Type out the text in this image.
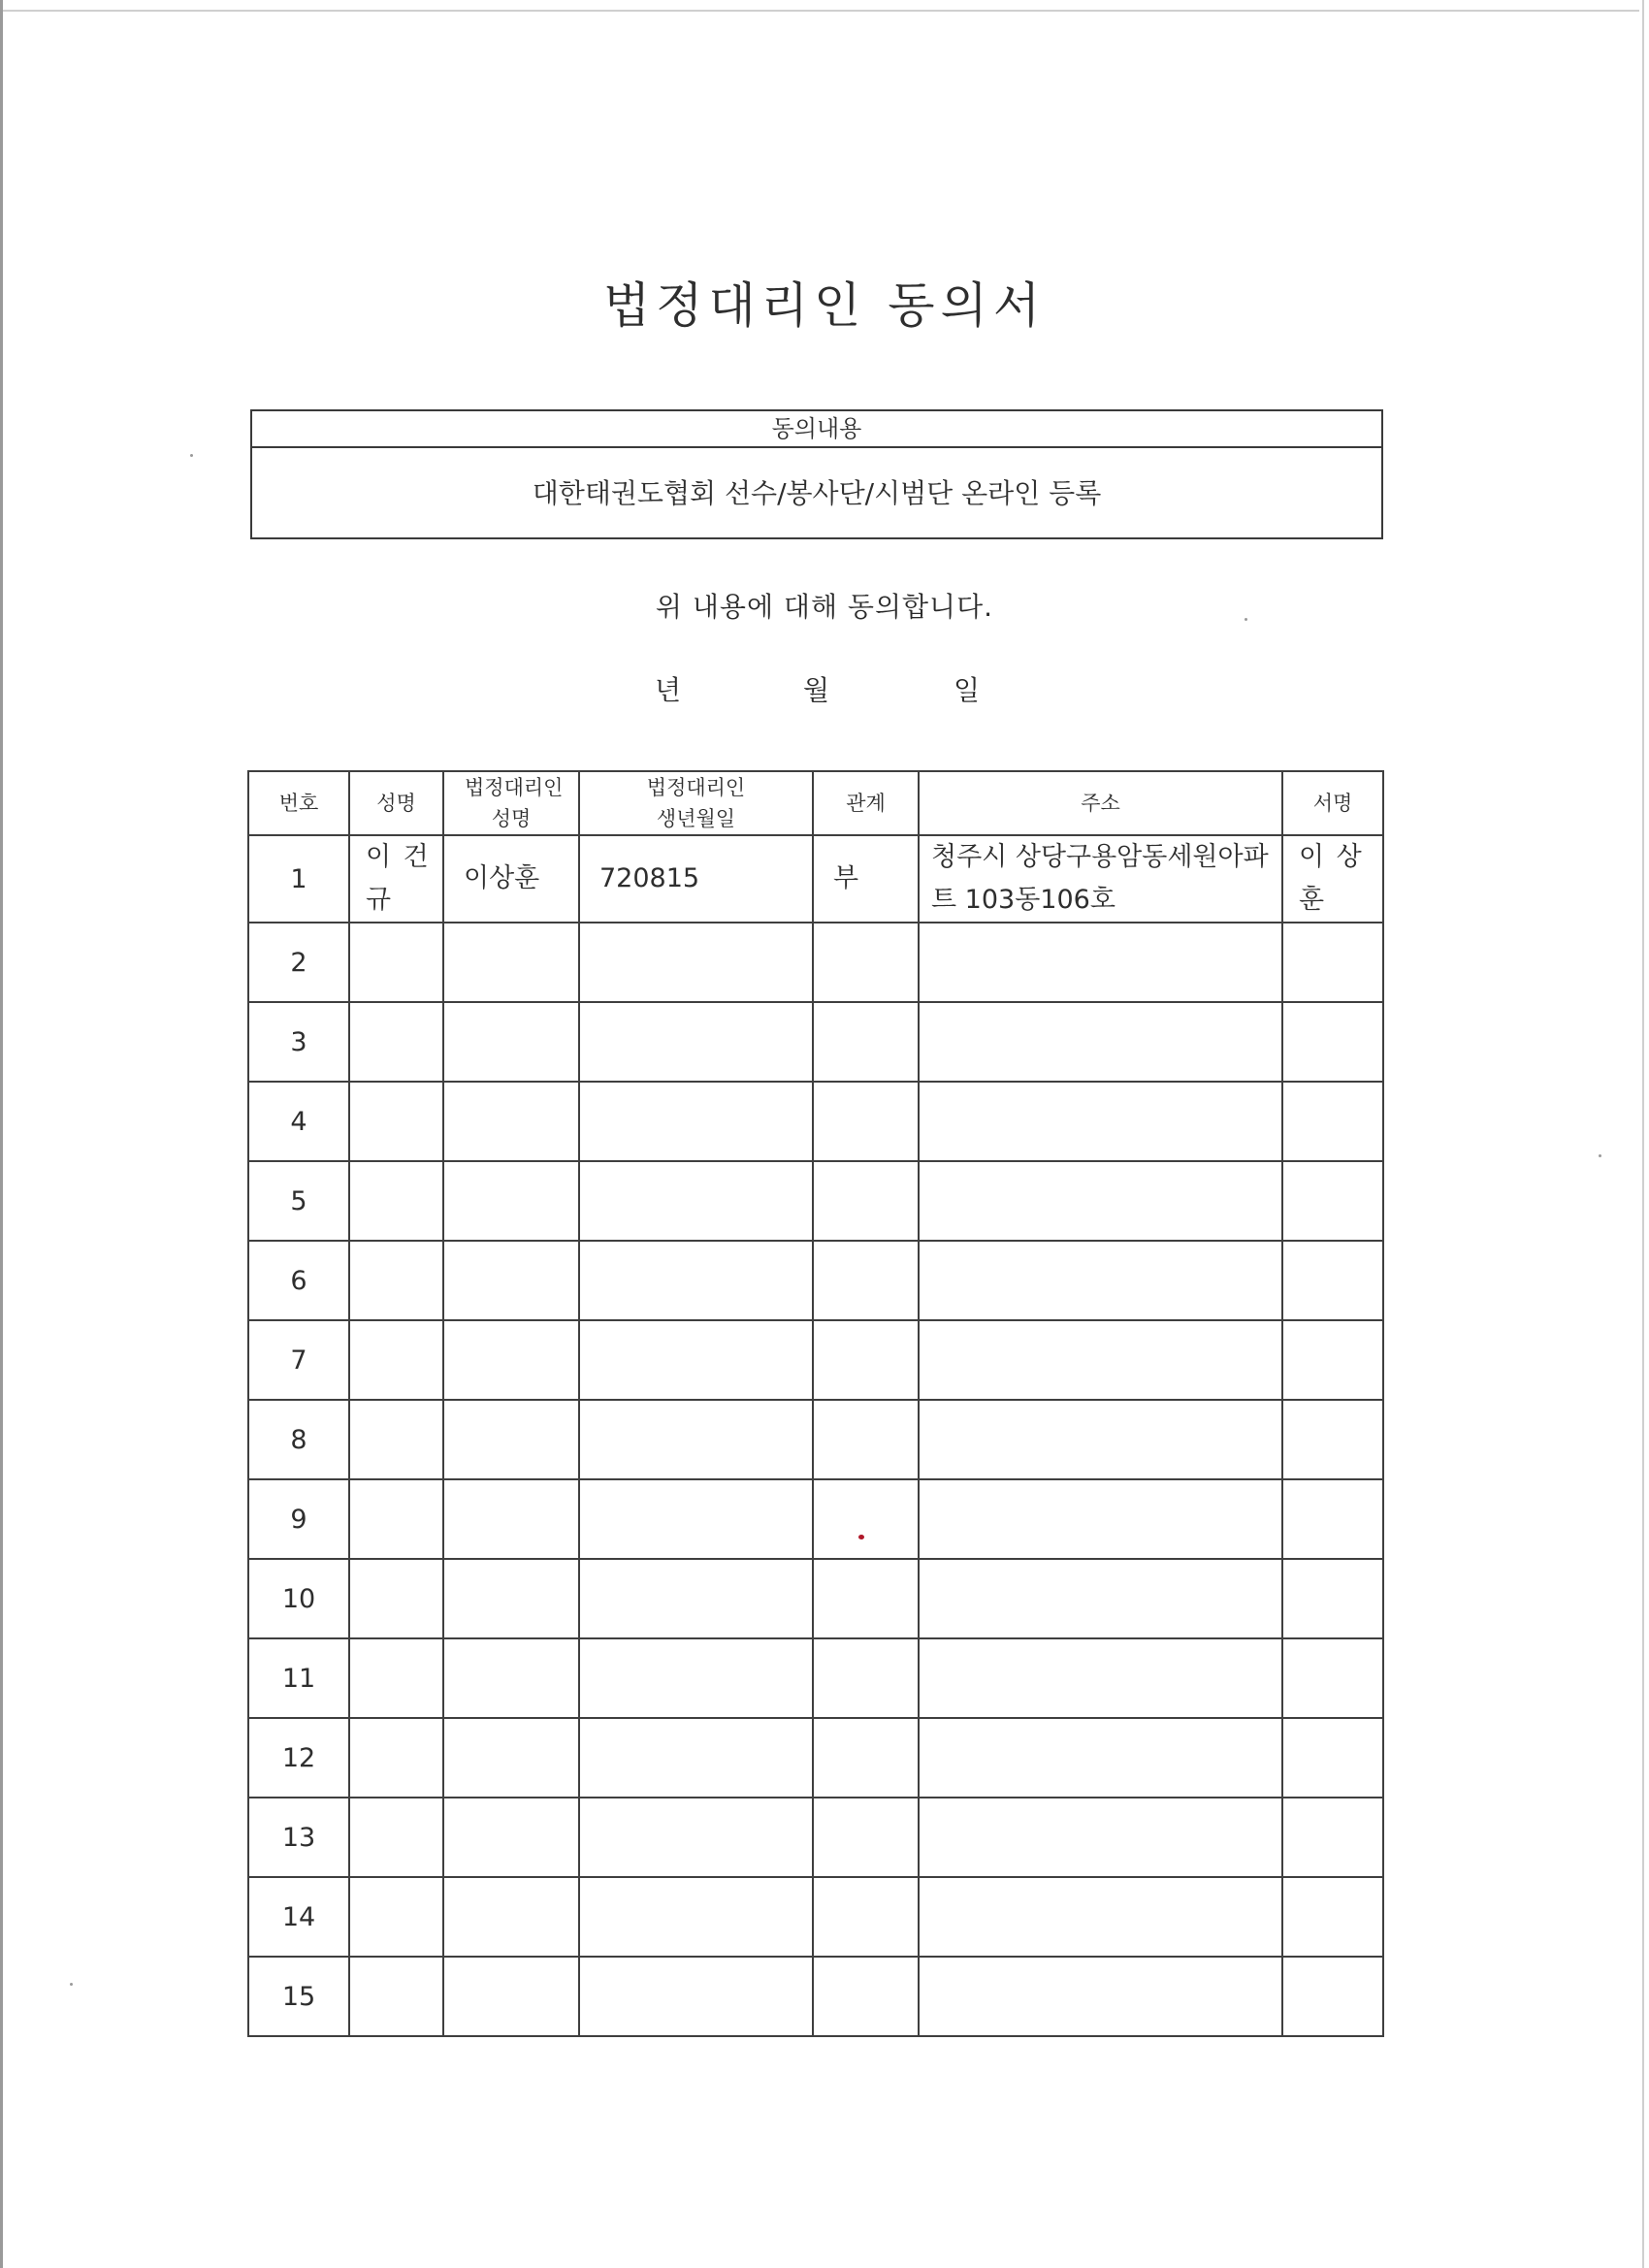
법정대리인 동의서
동의내용
대한태권도협회 선수/봉사단/시범단 온라인 등록
위 내용에 대해 동의합니다.
년	월	일
번호	성명	법정대리인 성명	법정대리인 생년월일	관계	주소	서명
1	이 건 규	이상훈	720815	부	청주시 상당구용암동세원아파트 103동106호	이 상 훈
2						
3						
4						
5						
6						
7						
8						
9						
10						
11						
12						
13						
14						
15						
